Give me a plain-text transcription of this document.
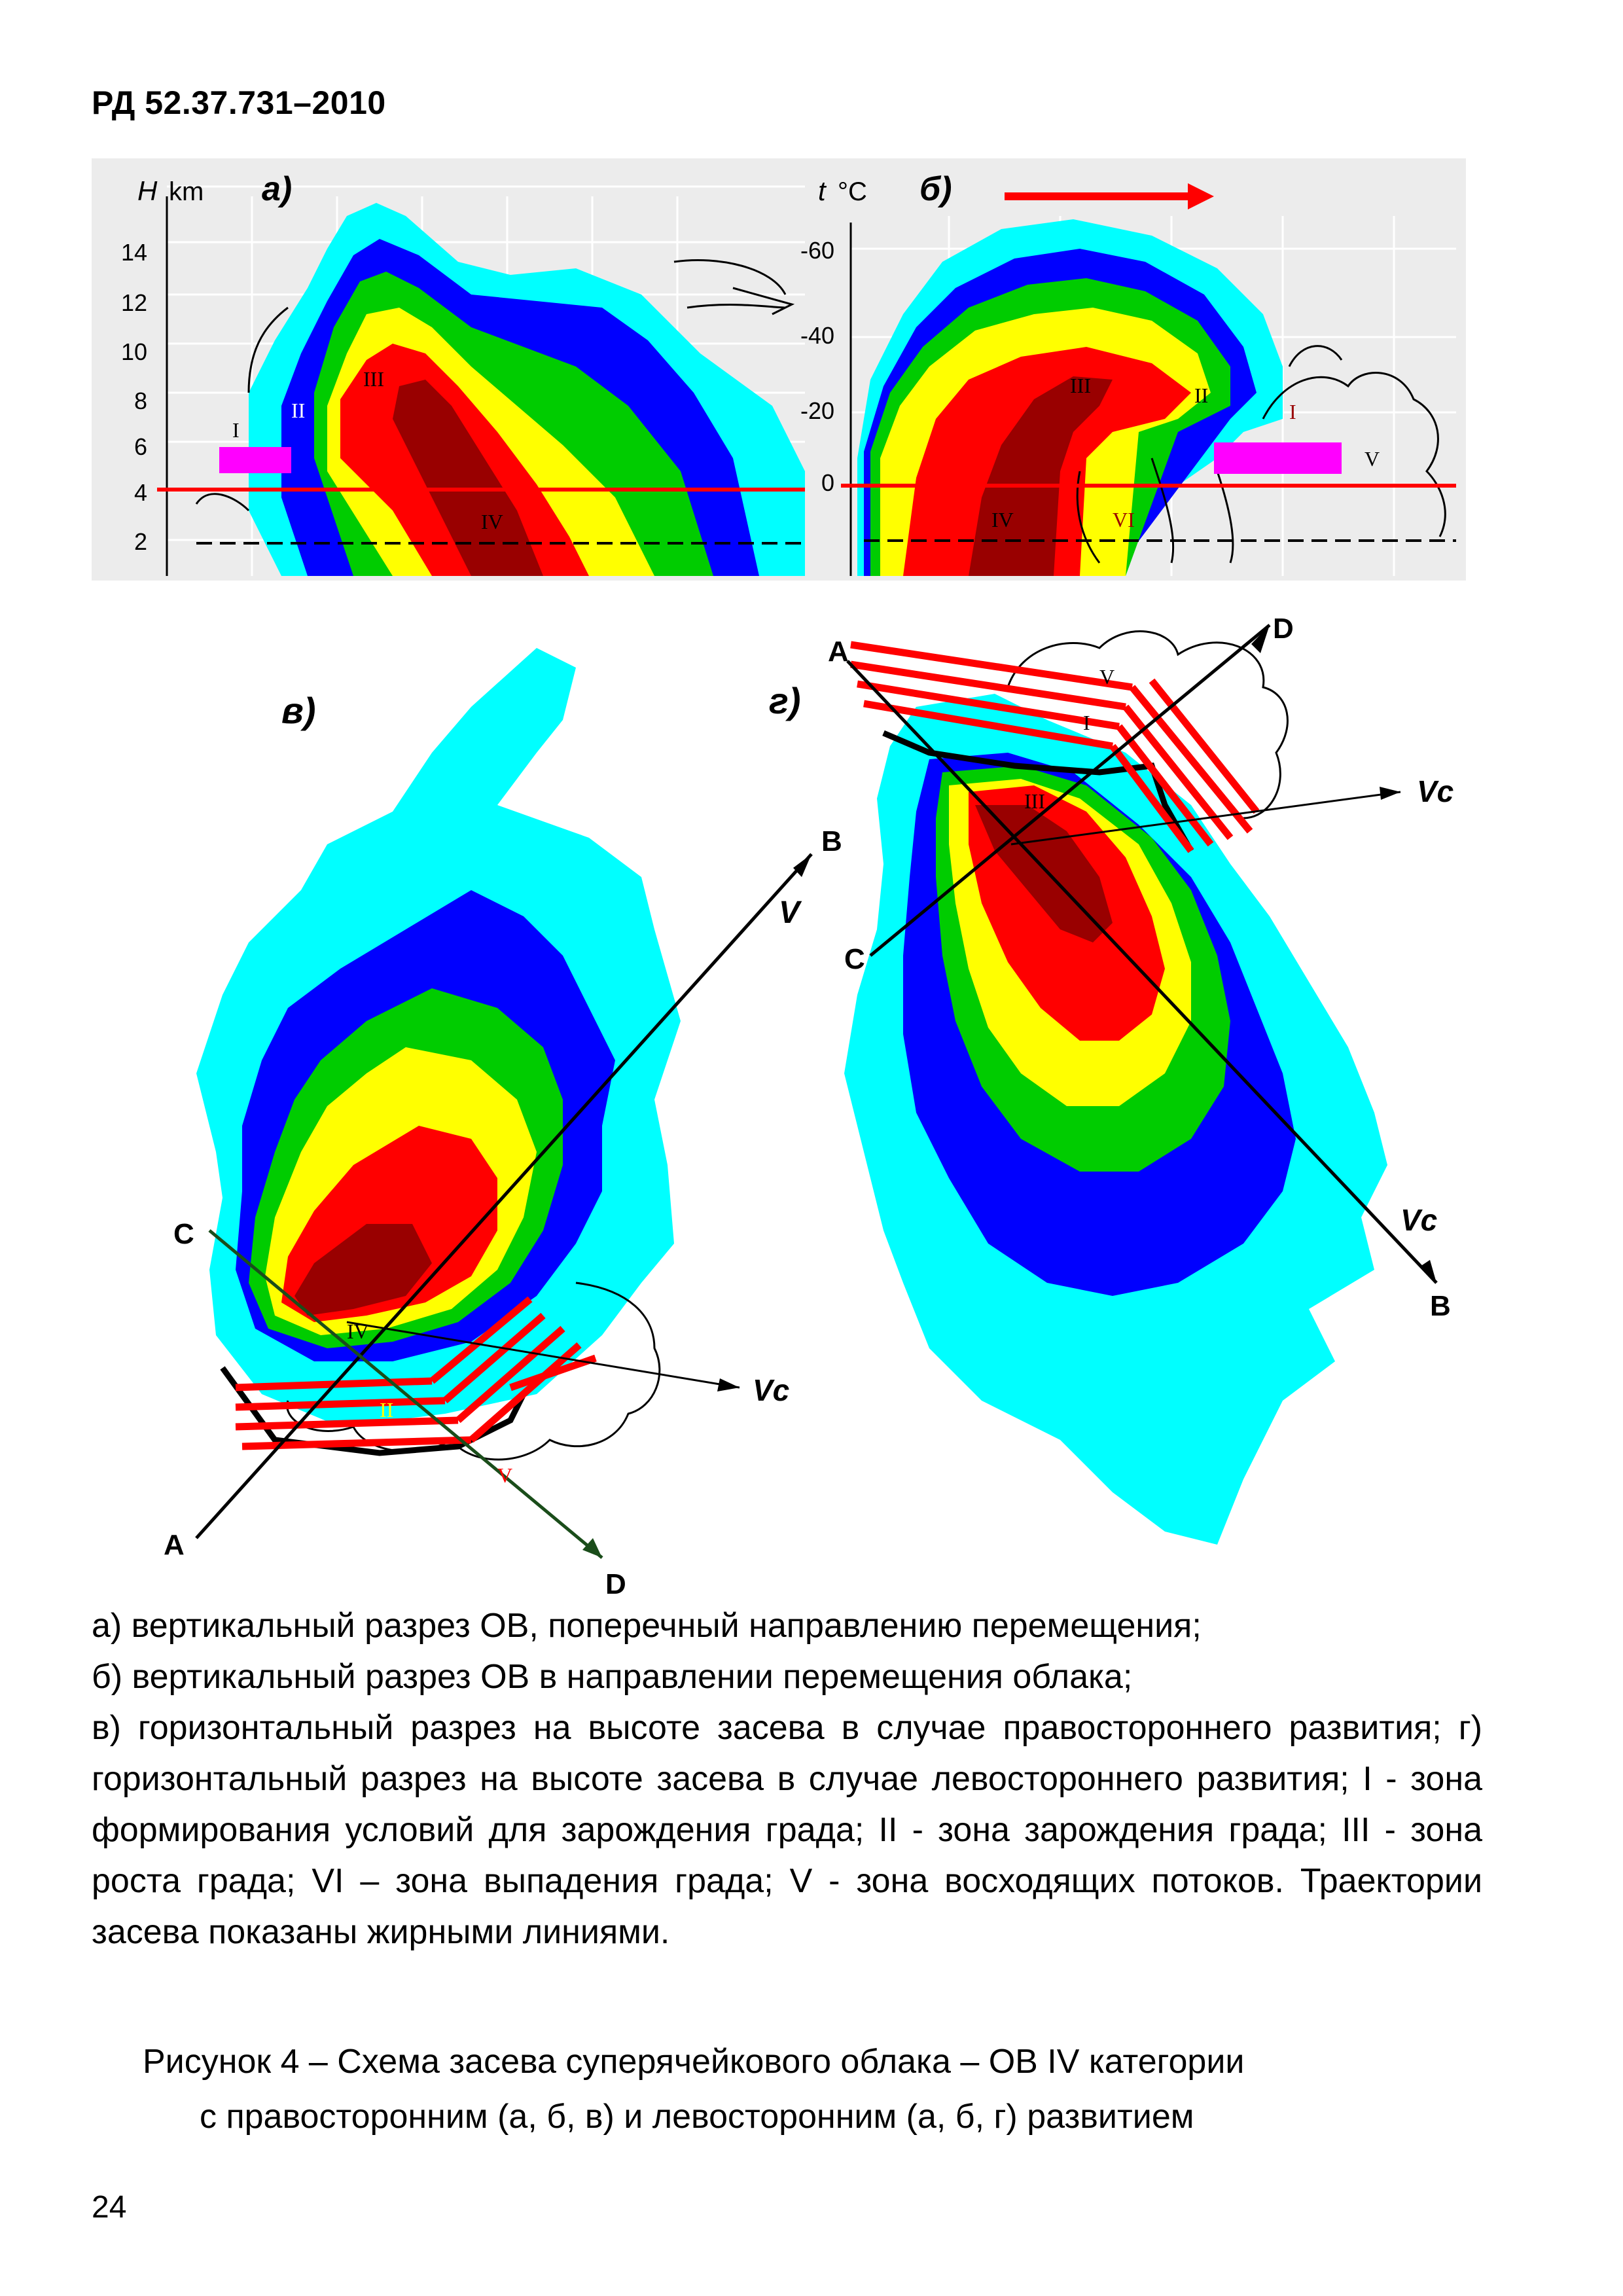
РД 52.37.731–2010
14
12
10
8
6
4
2
H km а)
I
II
III
IV
-60
-40
-20
0
t °C б)
I
II
III
IV
V
VI
в)
A
B
C
D
V
Vc
II
IV
V
г)
A
B
C
D
Vc
Vc
I
III
V

а) вертикальный разрез ОВ, поперечный направлению перемещения;

б) вертикальный разрез ОВ в направлении перемещения облака;

в) горизонтальный разрез на высоте засева в случае правостороннего развития; г) горизонтальный разрез на высоте засева в случае левостороннего развития; I - зона формирования условий для зарождения града; II - зона зарождения града; III - зона роста града; VI – зона выпадения града; V - зона восходящих потоков. Траектории засева показаны жирными линиями.

Рисунок 4 – Схема засева суперячейкового облака – ОВ IV категории
с правосторонним (а, б, в) и левосторонним (а, б, г) развитием
24
